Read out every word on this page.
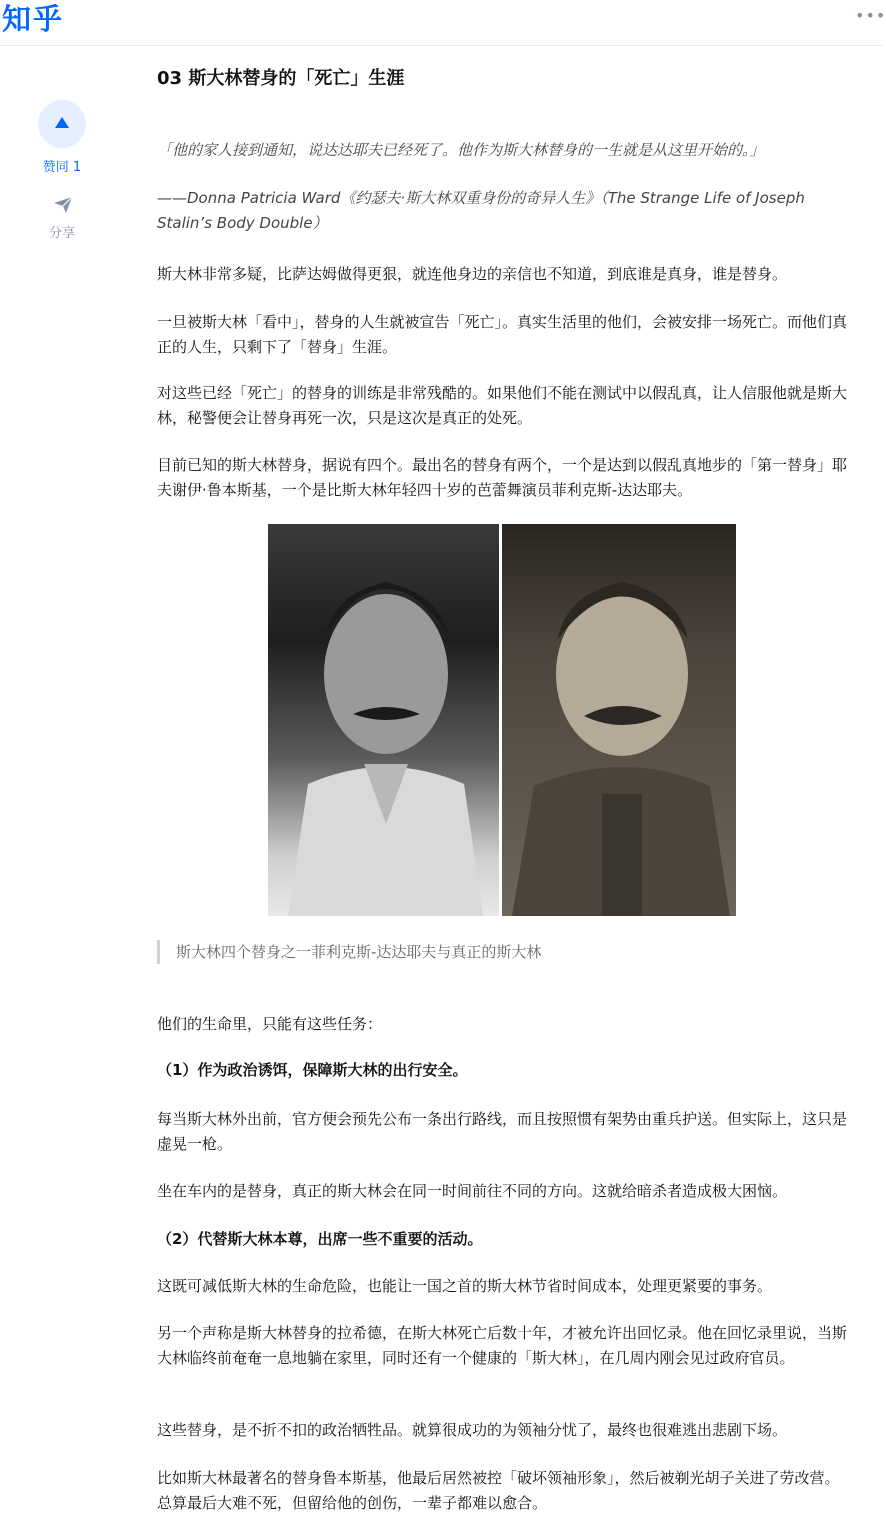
知乎	•••
赞同 1
分享
03 斯大林替身的「死亡」生涯
「他的家人接到通知，说达达耶夫已经死了。他作为斯大林替身的一生就是从这里开始的。」
——Donna Patricia Ward《约瑟夫·斯大林双重身份的奇异人生》（The Strange Life of Joseph Stalin’s Body Double）
斯大林非常多疑，比萨达姆做得更狠，就连他身边的亲信也不知道，到底谁是真身，谁是替身。
一旦被斯大林「看中」，替身的人生就被宣告「死亡」。真实生活里的他们，会被安排一场死亡。而他们真正的人生，只剩下了「替身」生涯。
对这些已经「死亡」的替身的训练是非常残酷的。如果他们不能在测试中以假乱真，让人信服他就是斯大林，秘警便会让替身再死一次，只是这次是真正的处死。
目前已知的斯大林替身，据说有四个。最出名的替身有两个，一个是达到以假乱真地步的「第一替身」耶夫谢伊·鲁本斯基，一个是比斯大林年轻四十岁的芭蕾舞演员菲利克斯-达达耶夫。
斯大林四个替身之一菲利克斯-达达耶夫与真正的斯大林
他们的生命里，只能有这些任务：
（1）作为政治诱饵，保障斯大林的出行安全。
每当斯大林外出前，官方便会预先公布一条出行路线，而且按照惯有架势由重兵护送。但实际上，这只是虚晃一枪。
坐在车内的是替身，真正的斯大林会在同一时间前往不同的方向。这就给暗杀者造成极大困恼。
（2）代替斯大林本尊，出席一些不重要的活动。
这既可减低斯大林的生命危险，也能让一国之首的斯大林节省时间成本，处理更紧要的事务。
另一个声称是斯大林替身的拉希德，在斯大林死亡后数十年，才被允许出回忆录。他在回忆录里说，当斯大林临终前奄奄一息地躺在家里，同时还有一个健康的「斯大林」，在几周内刚会见过政府官员。
这些替身，是不折不扣的政治牺牲品。就算很成功的为领袖分忧了，最终也很难逃出悲剧下场。
比如斯大林最著名的替身鲁本斯基，他最后居然被控「破坏领袖形象」，然后被剃光胡子关进了劳改营。总算最后大难不死，但留给他的创伤，一辈子都难以愈合。
